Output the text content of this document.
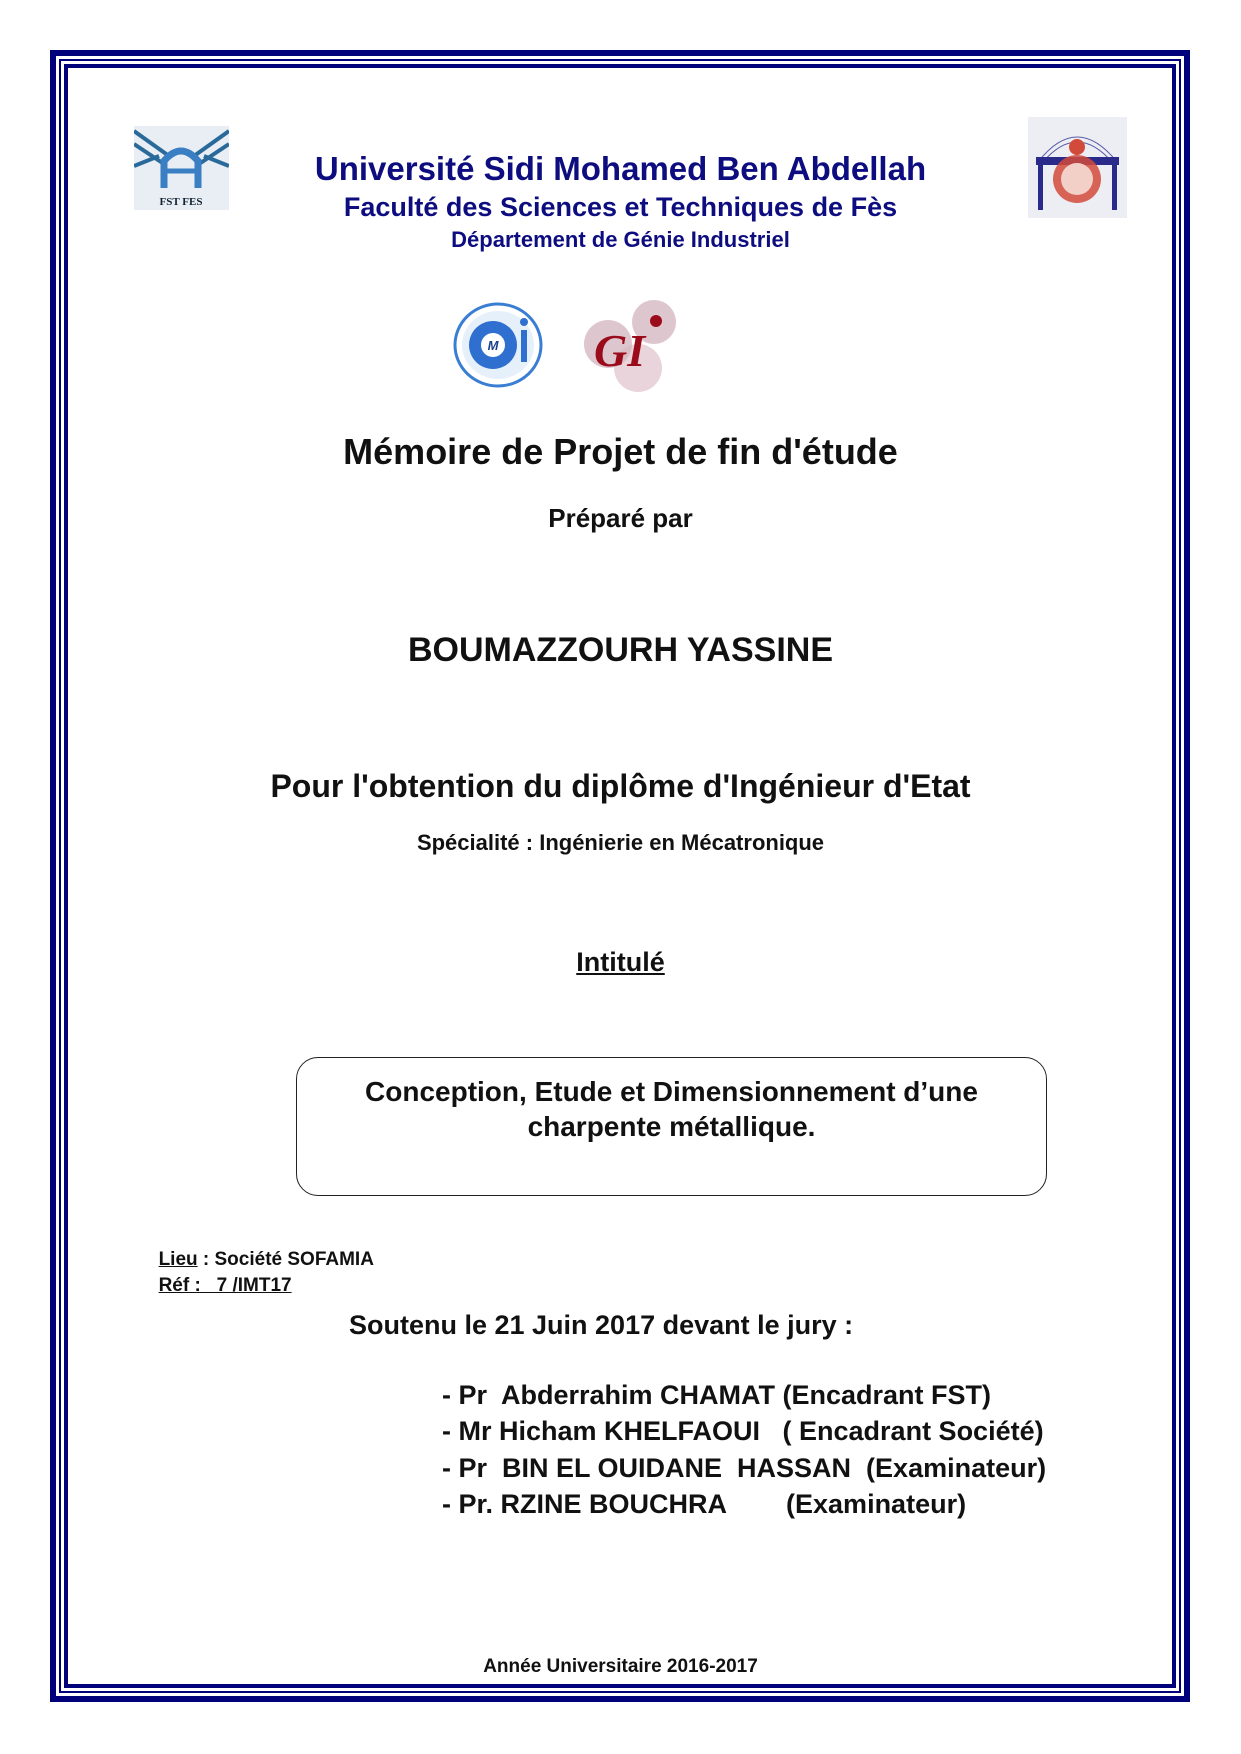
FST FES
Université Sidi Mohamed Ben Abdellah
Faculté des Sciences et Techniques de Fès
Département de Génie Industriel
M GI
Mémoire de Projet de fin d'étude
Préparé par
BOUMAZZOURH YASSINE
Pour l'obtention du diplôme d'Ingénieur d'Etat
Spécialité : Ingénierie en Mécatronique
Intitulé
Conception, Etude et Dimensionnement d’une
charpente métallique.

Lieu : Société SOFAMIA

Réf :   7 /IMT17

Soutenu le 21 Juin 2017 devant le jury :
- Pr  Abderrahim CHAMAT (Encadrant FST)
- Mr Hicham KHELFAOUI   ( Encadrant Société)
- Pr  BIN EL OUIDANE  HASSAN  (Examinateur)
- Pr. RZINE BOUCHRA        (Examinateur)
Année Universitaire 2016-2017
